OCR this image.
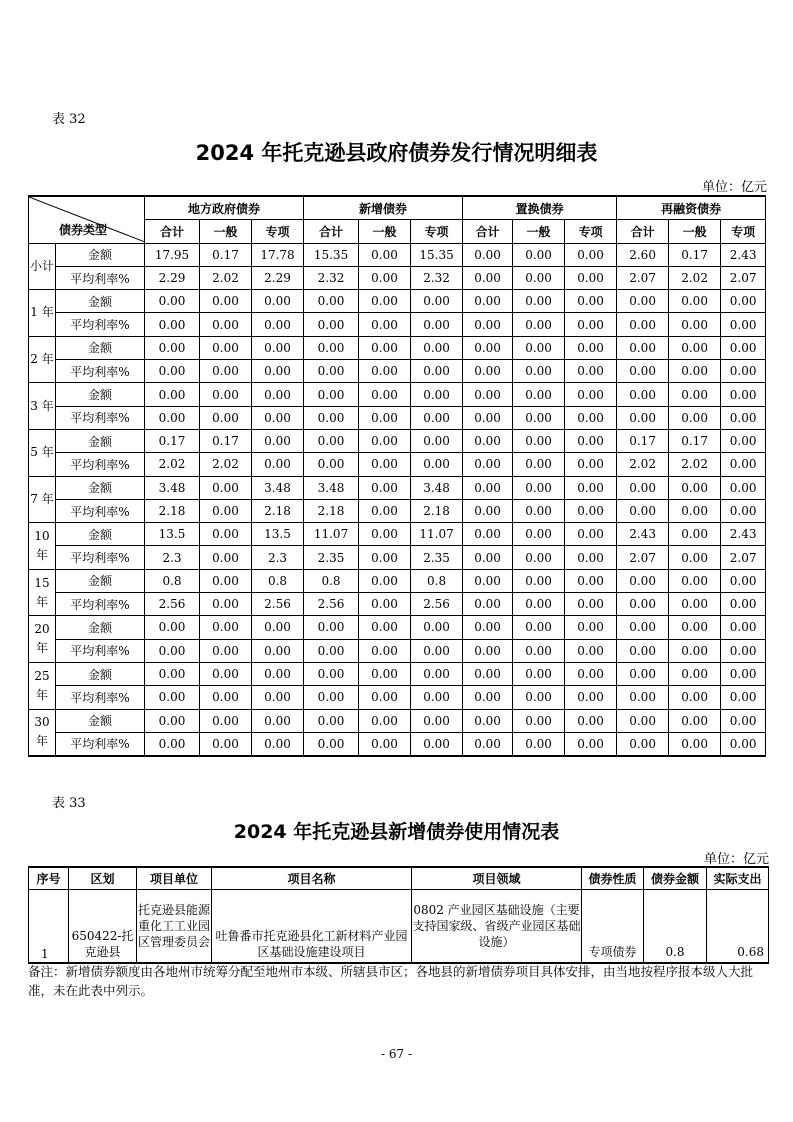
表 32
2024 年托克逊县政府债券发行情况明细表
单位：亿元
债券类型		地方政府债券			新增债券			置换债券			再融资债券		
		合计	一般	专项	合计	一般	专项	合计	一般	专项	合计	一般	专项
小计	金额	17.95	0.17	17.78	15.35	0.00	15.35	0.00	0.00	0.00	2.60	0.17	2.43
	平均利率%	2.29	2.02	2.29	2.32	0.00	2.32	0.00	0.00	0.00	2.07	2.02	2.07
1 年	金额	0.00	0.00	0.00	0.00	0.00	0.00	0.00	0.00	0.00	0.00	0.00	0.00
	平均利率%	0.00	0.00	0.00	0.00	0.00	0.00	0.00	0.00	0.00	0.00	0.00	0.00
2 年	金额	0.00	0.00	0.00	0.00	0.00	0.00	0.00	0.00	0.00	0.00	0.00	0.00
	平均利率%	0.00	0.00	0.00	0.00	0.00	0.00	0.00	0.00	0.00	0.00	0.00	0.00
3 年	金额	0.00	0.00	0.00	0.00	0.00	0.00	0.00	0.00	0.00	0.00	0.00	0.00
	平均利率%	0.00	0.00	0.00	0.00	0.00	0.00	0.00	0.00	0.00	0.00	0.00	0.00
5 年	金额	0.17	0.17	0.00	0.00	0.00	0.00	0.00	0.00	0.00	0.17	0.17	0.00
	平均利率%	2.02	2.02	0.00	0.00	0.00	0.00	0.00	0.00	0.00	2.02	2.02	0.00
7 年	金额	3.48	0.00	3.48	3.48	0.00	3.48	0.00	0.00	0.00	0.00	0.00	0.00
	平均利率%	2.18	0.00	2.18	2.18	0.00	2.18	0.00	0.00	0.00	0.00	0.00	0.00
10 年	金额	13.5	0.00	13.5	11.07	0.00	11.07	0.00	0.00	0.00	2.43	0.00	2.43
	平均利率%	2.3	0.00	2.3	2.35	0.00	2.35	0.00	0.00	0.00	2.07	0.00	2.07
15 年	金额	0.8	0.00	0.8	0.8	0.00	0.8	0.00	0.00	0.00	0.00	0.00	0.00
	平均利率%	2.56	0.00	2.56	2.56	0.00	2.56	0.00	0.00	0.00	0.00	0.00	0.00
20 年	金额	0.00	0.00	0.00	0.00	0.00	0.00	0.00	0.00	0.00	0.00	0.00	0.00
	平均利率%	0.00	0.00	0.00	0.00	0.00	0.00	0.00	0.00	0.00	0.00	0.00	0.00
25 年	金额	0.00	0.00	0.00	0.00	0.00	0.00	0.00	0.00	0.00	0.00	0.00	0.00
	平均利率%	0.00	0.00	0.00	0.00	0.00	0.00	0.00	0.00	0.00	0.00	0.00	0.00
30 年	金额	0.00	0.00	0.00	0.00	0.00	0.00	0.00	0.00	0.00	0.00	0.00	0.00
	平均利率%	0.00	0.00	0.00	0.00	0.00	0.00	0.00	0.00	0.00	0.00	0.00	0.00
表 33
2024 年托克逊县新增债券使用情况表
单位：亿元
序号	区划	项目单位	项目名称	项目领域	债券性质	债券金额	实际支出
1	650422-托克逊县	托克逊县能源重化工工业园区管理委员会	吐鲁番市托克逊县化工新材料产业园区基础设施建设项目	0802 产业园区基础设施（主要支持国家级、省级产业园区基础设施）	专项债券	0.8	0.68
备注：新增债券额度由各地州市统筹分配至地州市本级、所辖县市区；各地县的新增债券项目具体安排，由当地按程序报本级人大批准，未在此表中列示。
- 67 -
